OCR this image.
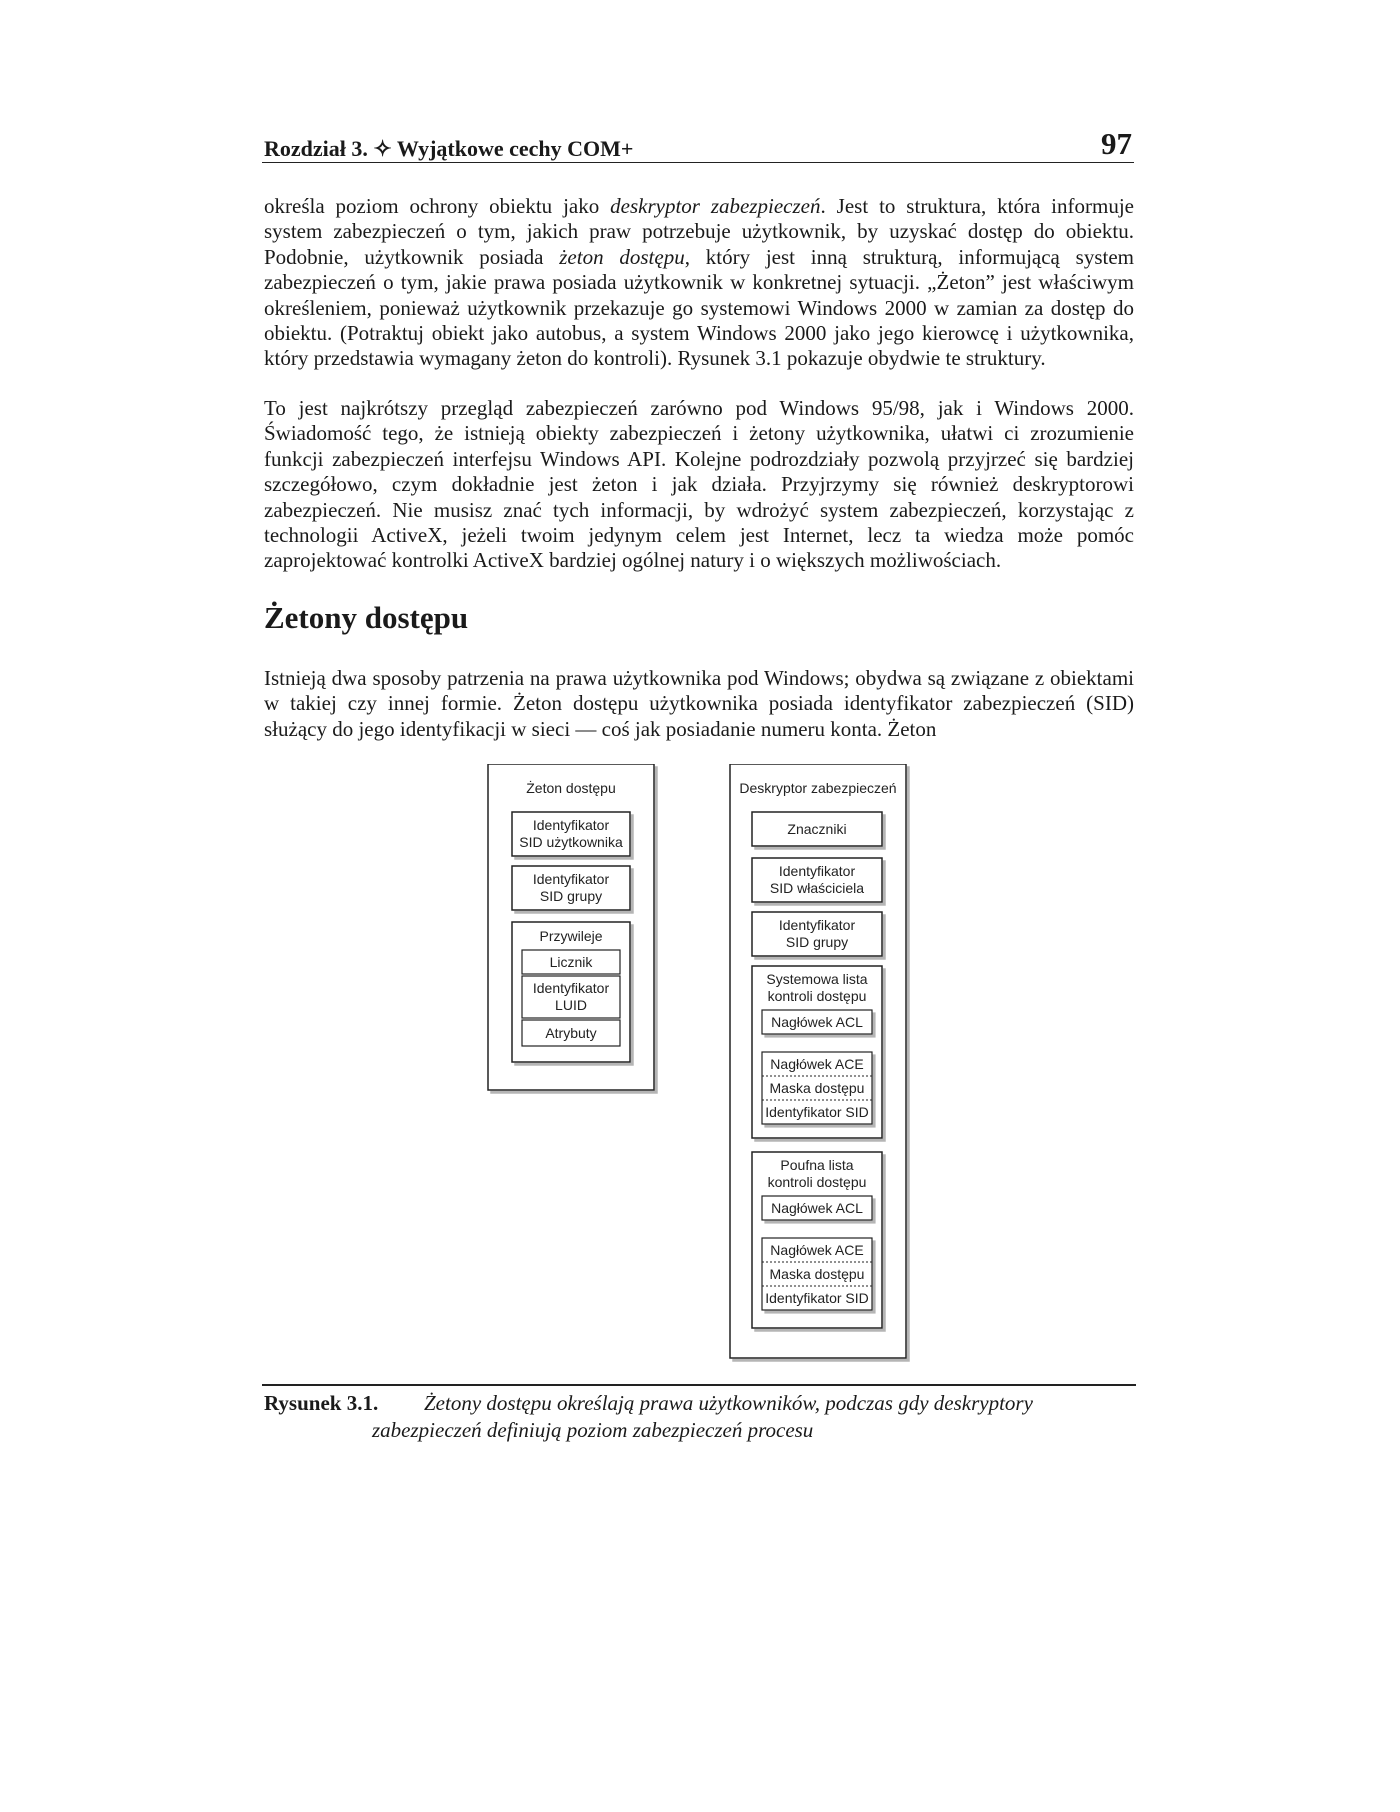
Rozdział 3. ✧ Wyjątkowe cechy COM+	97

określa poziom ochrony obiektu jako deskryptor zabezpieczeń. Jest to struktura, która informuje system zabezpieczeń o tym, jakich praw potrzebuje użytkownik, by uzyskać dostęp do obiektu. Podobnie, użytkownik posiada żeton dostępu, który jest inną strukturą, informującą system zabezpieczeń o tym, jakie prawa posiada użytkownik w konkretnej sytuacji. „Żeton” jest właściwym określeniem, ponieważ użytkownik przekazuje go systemowi Windows 2000 w zamian za dostęp do obiektu. (Potraktuj obiekt jako autobus, a system Windows 2000 jako jego kierowcę i użytkownika, który przedstawia wymagany żeton do kontroli). Rysunek 3.1 pokazuje obydwie te struktury.

To jest najkrótszy przegląd zabezpieczeń zarówno pod Windows 95/98, jak i Windows 2000. Świadomość tego, że istnieją obiekty zabezpieczeń i żetony użytkownika, ułatwi ci zrozumienie funkcji zabezpieczeń interfejsu Windows API. Kolejne podrozdziały pozwolą przyjrzeć się bardziej szczegółowo, czym dokładnie jest żeton i jak działa. Przyjrzymy się również deskryptorowi zabezpieczeń. Nie musisz znać tych informacji, by wdrożyć system zabezpieczeń, korzystając z technologii ActiveX, jeżeli twoim jedynym celem jest Internet, lecz ta wiedza może pomóc zaprojektować kontrolki ActiveX bardziej ogólnej natury i o większych możliwościach.

Żetony dostępu

Istnieją dwa sposoby patrzenia na prawa użytkownika pod Windows; obydwa są związane z obiektami w takiej czy innej formie. Żeton dostępu użytkownika posiada identyfikator zabezpieczeń (SID) służący do jego identyfikacji w sieci — coś jak posiadanie numeru konta. Żeton

Żeton dostępu
Identyfikator
SID użytkownika
Identyfikator
SID grupy
Przywileje
Licznik
Identyfikator
LUID
Atrybuty
Deskryptor zabezpieczeń
Znaczniki
Identyfikator
SID właściciela
Identyfikator
SID grupy
Systemowa lista
kontroli dostępu
Nagłówek ACL
Nagłówek ACE
Maska dostępu
Identyfikator SID
Poufna lista
kontroli dostępu
Nagłówek ACL
Nagłówek ACE
Maska dostępu
Identyfikator SID
Rysunek 3.1. Żetony dostępu określają prawa użytkowników, podczas gdy deskryptory
zabezpieczeń definiują poziom zabezpieczeń procesu
